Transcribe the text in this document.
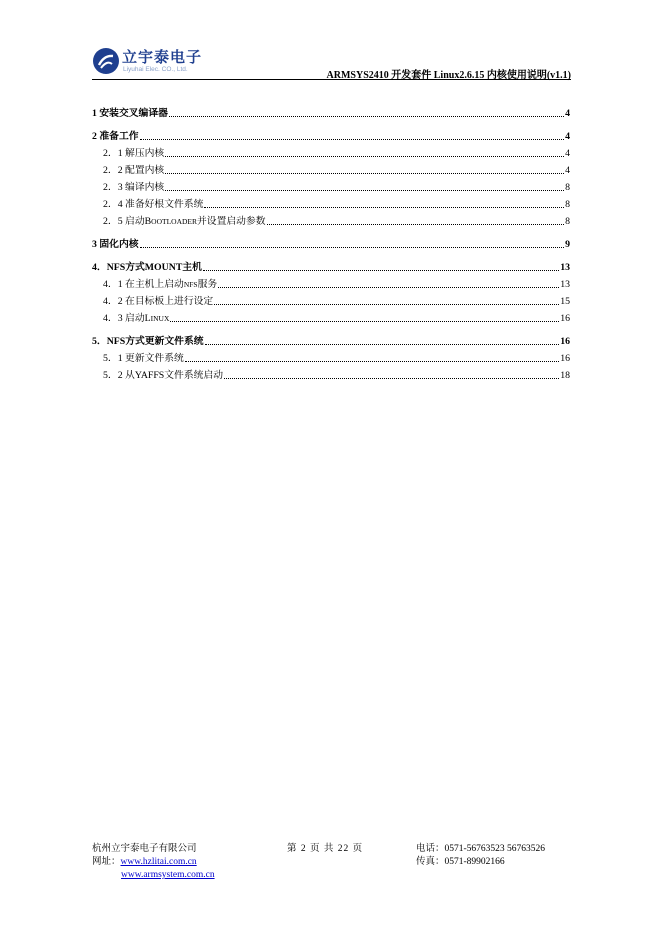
立宇泰电子
Liyuhai Elec. CO., Ltd.
ARMSYS2410 开发套件 Linux2.6.15 内核使用说明(v1.1)
1 安装交叉编译器	4
2 准备工作	4
2．1 解压内核	4
2．2 配置内核	4
2．3 编译内核	8
2．4 准备好根文件系统	8
2．5 启动BOOTLOADER并设置启动参数	8
3 固化内核	9
4．NFS方式MOUNT主机	13
4．1 在主机上启动NFS服务	13
4．2 在目标板上进行设定	15
4．3 启动LINUX	16
5．NFS方式更新文件系统	16
5．1 更新文件系统	16
5．2 从YAFFS文件系统启动	18
杭州立宇泰电子有限公司
网址：www.hzlitai.com.cn
www.armsystem.com.cn
第 2 页 共 22 页	电话：0571-56763523 56763526
传真：0571-89902166
